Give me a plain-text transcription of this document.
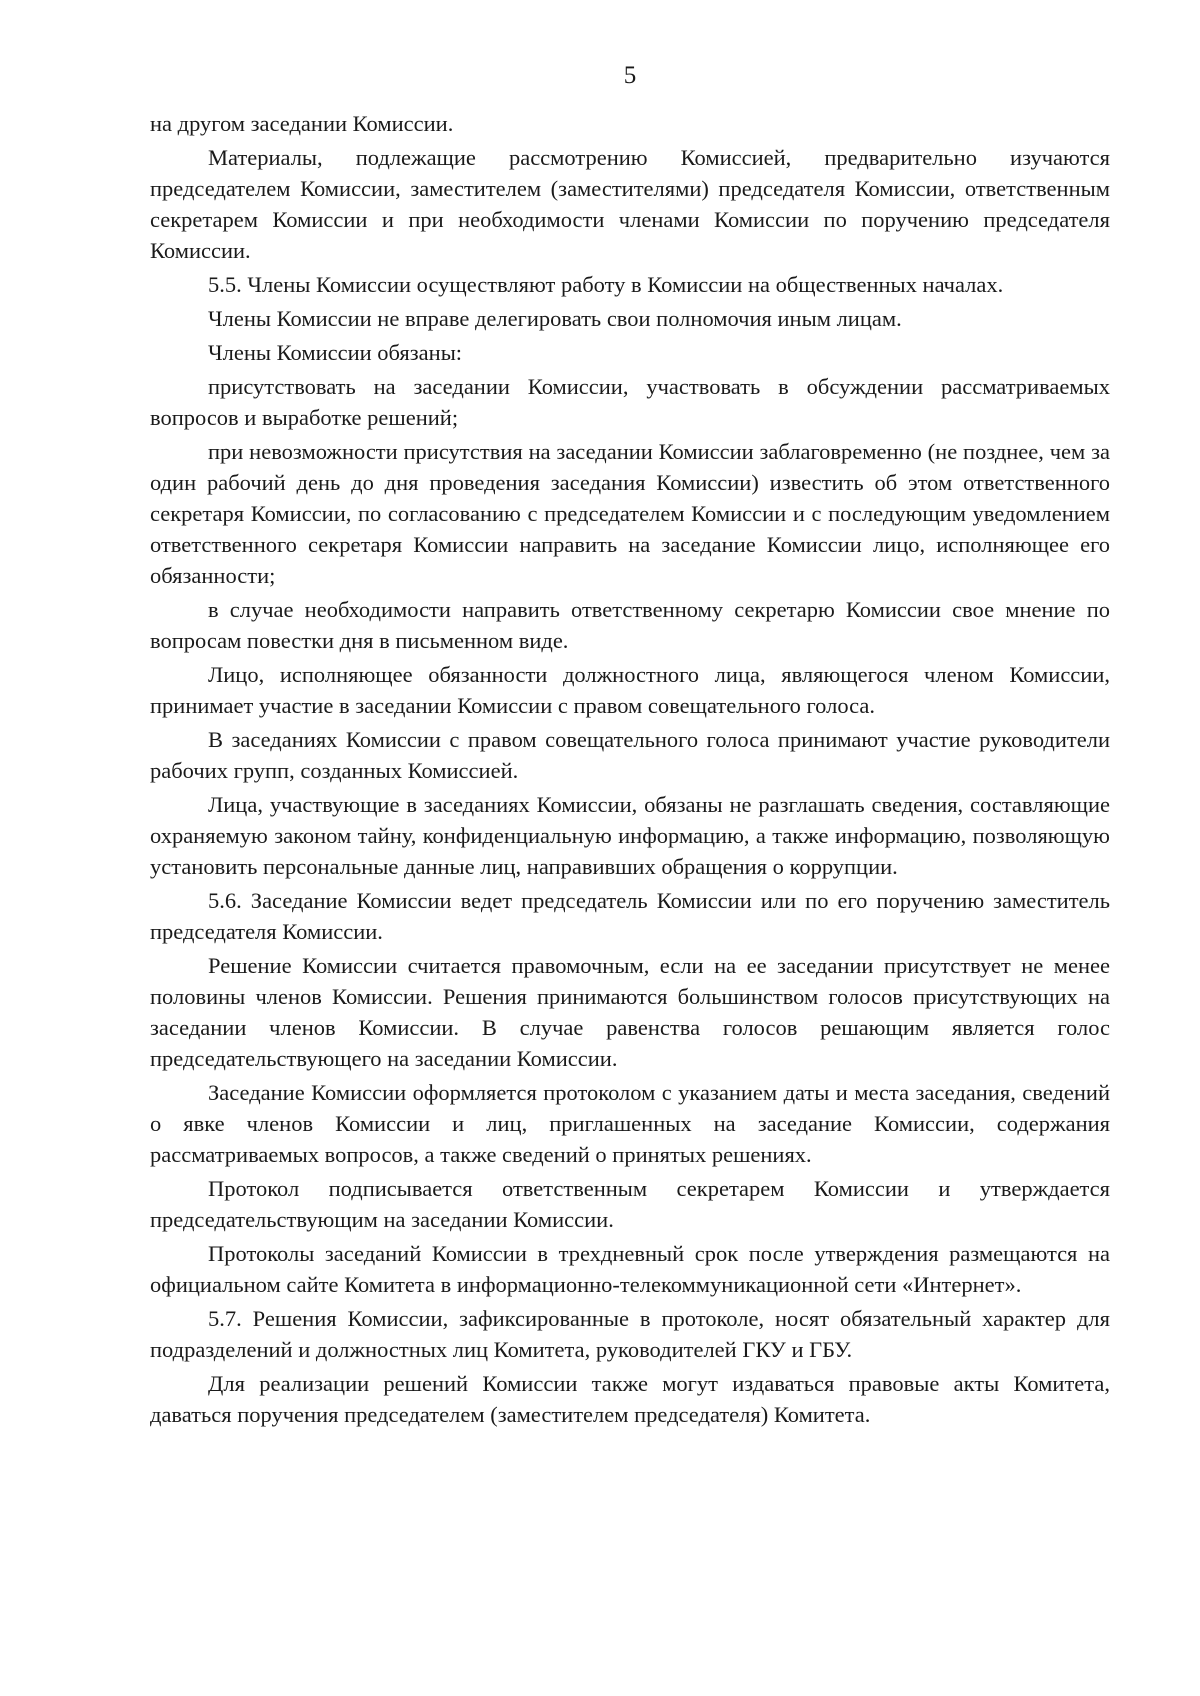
5

на другом заседании Комиссии.

Материалы, подлежащие рассмотрению Комиссией, предварительно изучаются председателем Комиссии, заместителем (заместителями) председателя Комиссии, ответственным секретарем Комиссии и при необходимости членами Комиссии по поручению председателя Комиссии.

5.5. Члены Комиссии осуществляют работу в Комиссии на общественных началах.

Члены Комиссии не вправе делегировать свои полномочия иным лицам.

Члены Комиссии обязаны:

присутствовать на заседании Комиссии, участвовать в обсуждении рассматриваемых вопросов и выработке решений;

при невозможности присутствия на заседании Комиссии заблаговременно (не позднее, чем за один рабочий день до дня проведения заседания Комиссии) известить об этом ответственного секретаря Комиссии, по согласованию с председателем Комиссии и с последующим уведомлением ответственного секретаря Комиссии направить на заседание Комиссии лицо, исполняющее его обязанности;

в случае необходимости направить ответственному секретарю Комиссии свое мнение по вопросам повестки дня в письменном виде.

Лицо, исполняющее обязанности должностного лица, являющегося членом Комиссии, принимает участие в заседании Комиссии с правом совещательного голоса.

В заседаниях Комиссии с правом совещательного голоса принимают участие руководители рабочих групп, созданных Комиссией.

Лица, участвующие в заседаниях Комиссии, обязаны не разглашать сведения, составляющие охраняемую законом тайну, конфиденциальную информацию, а также информацию, позволяющую установить персональные данные лиц, направивших обращения о коррупции.

5.6. Заседание Комиссии ведет председатель Комиссии или по его поручению заместитель председателя Комиссии.

Решение Комиссии считается правомочным, если на ее заседании присутствует не менее половины членов Комиссии. Решения принимаются большинством голосов присутствующих на заседании членов Комиссии. В случае равенства голосов решающим является голос председательствующего на заседании Комиссии.

Заседание Комиссии оформляется протоколом с указанием даты и места заседания, сведений о явке членов Комиссии и лиц, приглашенных на заседание Комиссии, содержания рассматриваемых вопросов, а также сведений о принятых решениях.

Протокол подписывается ответственным секретарем Комиссии и утверждается председательствующим на заседании Комиссии.

Протоколы заседаний Комиссии в трехдневный срок после утверждения размещаются на официальном сайте Комитета в информационно-телекоммуникационной сети «Интернет».

5.7. Решения Комиссии, зафиксированные в протоколе, носят обязательный характер для подразделений и должностных лиц Комитета, руководителей ГКУ и ГБУ.

Для реализации решений Комиссии также могут издаваться правовые акты Комитета, даваться поручения председателем (заместителем председателя) Комитета.
